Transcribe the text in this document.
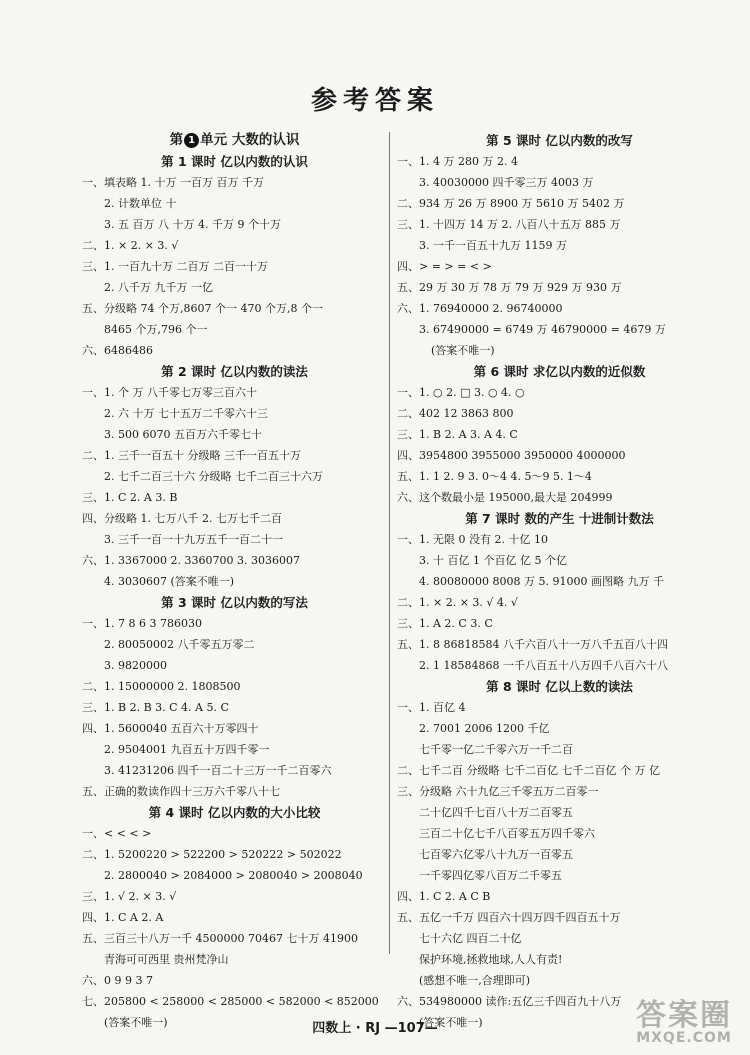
参考答案
第 1 单元 大数的认识
第 1 课时 亿以内数的认识
一、填表略 1. 十万 一百万 百万 千万
2. 计数单位 十
3. 五 百万 八 十万 4. 千万 9 个十万
二、1. × 2. × 3. √
三、1. 一百九十万 二百万 二百一十万
2. 八千万 九千万 一亿
五、分级略 74 个万,8607 个一 470 个万,8 个一
8465 个万,796 个一
六、6486486
第 2 课时 亿以内数的读法
一、1. 个 万 八千零七万零三百六十
2. 六 十万 七十五万二千零六十三
3. 500 6070 五百万六千零七十
二、1. 三千一百五十 分级略 三千一百五十万
2. 七千二百三十六 分级略 七千二百三十六万
三、1. C 2. A 3. B
四、分级略 1. 七万八千 2. 七万七千二百
3. 三千一百一十九万五千一百二十一
六、1. 3367000 2. 3360700 3. 3036007
4. 3030607 (答案不唯一)
第 3 课时 亿以内数的写法
一、1. 7 8 6 3 786030
2. 80050002 八千零五万零二
3. 9820000
二、1. 15000000 2. 1808500
三、1. B 2. B 3. C 4. A 5. C
四、1. 5600040 五百六十万零四十
2. 9504001 九百五十万四千零一
3. 41231206 四千一百二十三万一千二百零六
五、正确的数读作四十三万六千零八十七
第 4 课时 亿以内数的大小比较
一、< < < >
二、1. 5200220 > 522200 > 520222 > 502022
2. 2800040 > 2084000 > 2080040 > 2008040
三、1. √ 2. × 3. √
四、1. C A 2. A
五、三百三十八万一千 4500000 70467 七十万 41900
青海可可西里 贵州梵净山
六、0 9 9 3 7
七、205800 < 258000 < 285000 < 582000 < 852000
(答案不唯一)
第 5 课时 亿以内数的改写
一、1. 4 万 280 万 2. 4
3. 40030000 四千零三万 4003 万
二、934 万 26 万 8900 万 5610 万 5402 万
三、1. 十四万 14 万 2. 八百八十五万 885 万
3. 一千一百五十九万 1159 万
四、> = > = < >
五、29 万 30 万 78 万 79 万 929 万 930 万
六、1. 76940000 2. 96740000
3. 67490000 = 6749 万 46790000 = 4679 万
(答案不唯一)
第 6 课时 求亿以内数的近似数
一、1. ○ 2. □ 3. ○ 4. ○
二、402 12 3863 800
三、1. B 2. A 3. A 4. C
四、3954800 3955000 3950000 4000000
五、1. 1 2. 9 3. 0～4 4. 5～9 5. 1～4
六、这个数最小是 195000,最大是 204999
第 7 课时 数的产生 十进制计数法
一、1. 无限 0 没有 2. 十亿 10
3. 十 百亿 1 个百亿 亿 5 个亿
4. 80080000 8008 万 5. 91000 画图略 九万 千
二、1. × 2. × 3. √ 4. √
三、1. A 2. C 3. C
五、1. 8 86818584 八千六百八十一万八千五百八十四
2. 1 18584868 一千八百五十八万四千八百六十八
第 8 课时 亿以上数的读法
一、1. 百亿 4
2. 7001 2006 1200 千亿
七千零一亿二千零六万一千二百
二、七千二百 分级略 七千二百亿 七千二百亿 个 万 亿
三、分级略 六十九亿三千零五万二百零一
二十亿四千七百八十万二百零五
三百二十亿七千八百零五万四千零六
七百零六亿零八十九万一百零五
一千零四亿零八百万二千零五
四、1. C 2. A C B
五、五亿一千万 四百六十四万四千四百五十万
七十六亿 四百二十亿
保护环境,拯救地球,人人有责!
(感想不唯一,合理即可)
六、534980000 读作:五亿三千四百九十八万
(答案不唯一)
四数上 · RJ —107—	答案圈
MXQE.COM
